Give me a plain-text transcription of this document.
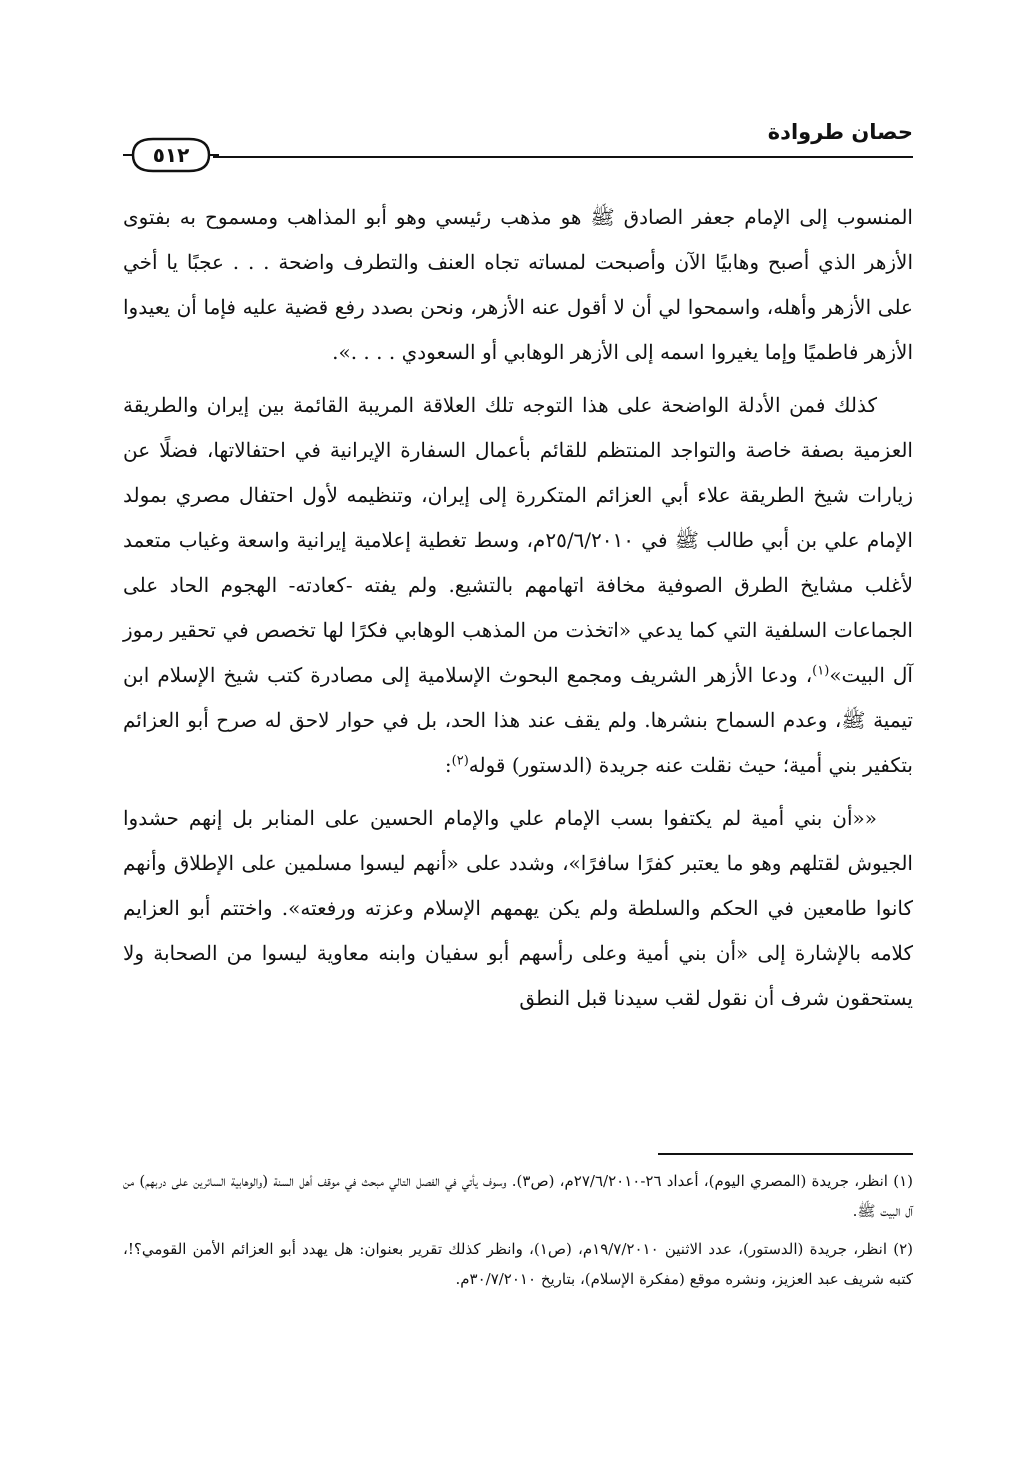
حصان طروادة
٥١٢

المنسوب إلى الإمام جعفر الصادق ﷺ هو مذهب رئيسي وهو أبو المذاهب ومسموح به بفتوى الأزهر الذي أصبح وهابيًا الآن وأصبحت لمساته تجاه العنف والتطرف واضحة . . . عجبًا يا أخي على الأزهر وأهله، واسمحوا لي أن لا أقول عنه الأزهر، ونحن بصدد رفع قضية عليه فإما أن يعيدوا الأزهر فاطميًا وإما يغيروا اسمه إلى الأزهر الوهابي أو السعودي . . . .».

كذلك فمن الأدلة الواضحة على هذا التوجه تلك العلاقة المريبة القائمة بين إيران والطريقة العزمية بصفة خاصة والتواجد المنتظم للقائم بأعمال السفارة الإيرانية في احتفالاتها، فضلًا عن زيارات شيخ الطريقة علاء أبي العزائم المتكررة إلى إيران، وتنظيمه لأول احتفال مصري بمولد الإمام علي بن أبي طالب ﷺ في ٢٥/٦/٢٠١٠م، وسط تغطية إعلامية إيرانية واسعة وغياب متعمد لأغلب مشايخ الطرق الصوفية مخافة اتهامهم بالتشيع. ولم يفته -كعادته- الهجوم الحاد على الجماعات السلفية التي كما يدعي «اتخذت من المذهب الوهابي فكرًا لها تخصص في تحقير رموز آل البيت»$^{(١)}$، ودعا الأزهر الشريف ومجمع البحوث الإسلامية إلى مصادرة كتب شيخ الإسلام ابن تيمية ﷺ، وعدم السماح بنشرها. ولم يقف عند هذا الحد، بل في حوار لاحق له صرح أبو العزائم بتكفير بني أمية؛ حيث نقلت عنه جريدة (الدستور) قوله$^{(٢)}$:

««أن بني أمية لم يكتفوا بسب الإمام علي والإمام الحسين على المنابر بل إنهم حشدوا الجيوش لقتلهم وهو ما يعتبر كفرًا سافرًا»، وشدد على «أنهم ليسوا مسلمين على الإطلاق وأنهم كانوا طامعين في الحكم والسلطة ولم يكن يهمهم الإسلام وعزته ورفعته». واختتم أبو العزايم كلامه بالإشارة إلى «أن بني أمية وعلى رأسهم أبو سفيان وابنه معاوية ليسوا من الصحابة ولا يستحقون شرف أن نقول لقب سيدنا قبل النطق

(١) انظر، جريدة (المصري اليوم)، أعداد ٢٦-٢٧/٦/٢٠١٠م، (ص٣). وسوف يأتي في الفصل التالي مبحث في موقف أهل السنة (والوهابية السائرين على دربهم) من آل البيت ﷺ.

(٢) انظر، جريدة (الدستور)، عدد الاثنين ١٩/٧/٢٠١٠م، (ص١)، وانظر كذلك تقرير بعنوان: هل يهدد أبو العزائم الأمن القومي؟!، كتبه شريف عبد العزيز، ونشره موقع (مفكرة الإسلام)، بتاريخ ٣٠/٧/٢٠١٠م.
